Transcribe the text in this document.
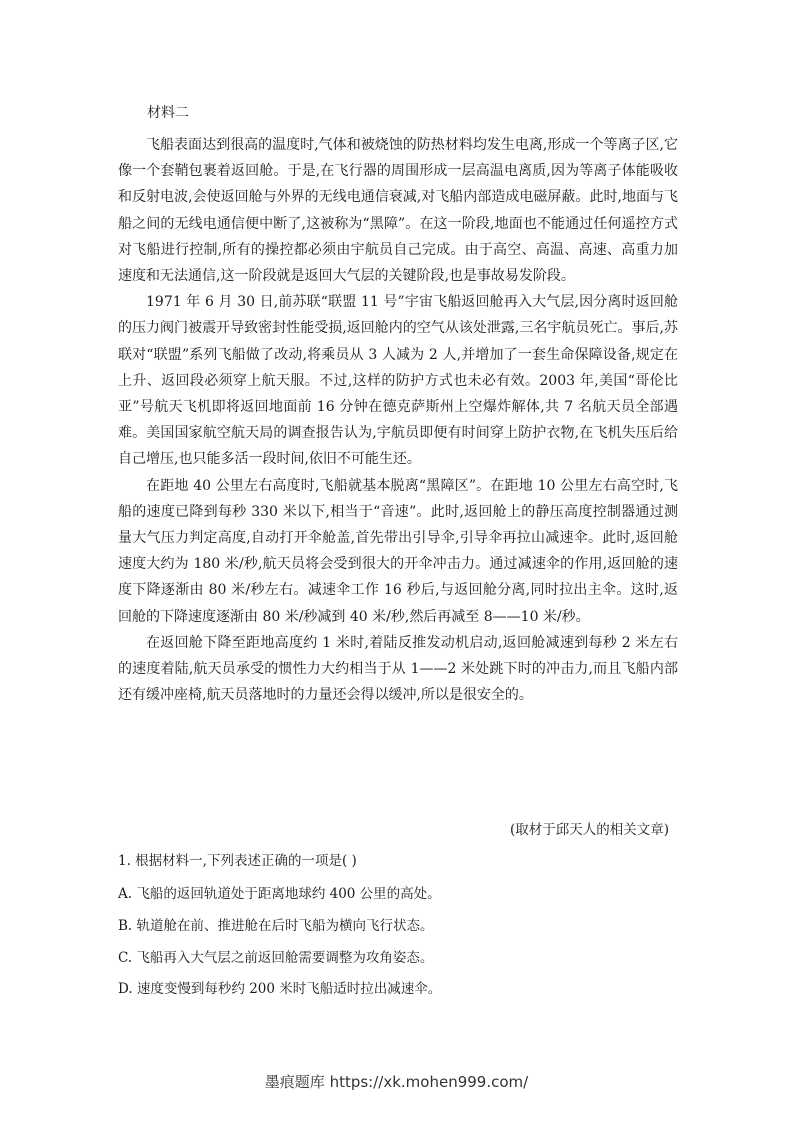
材料二

飞船表面达到很高的温度时,气体和被烧蚀的防热材料均发生电离,形成一个等离子区,它像一个套鞘包裹着返回舱。于是,在飞行器的周围形成一层高温电离质,因为等离子体能吸收和反射电波,会使返回舱与外界的无线电通信衰减,对飞船内部造成电磁屏蔽。此时,地面与飞船之间的无线电通信便中断了,这被称为“黑障”。在这一阶段,地面也不能通过任何遥控方式对飞船进行控制,所有的操控都必须由宇航员自己完成。由于高空、高温、高速、高重力加速度和无法通信,这一阶段就是返回大气层的关键阶段,也是事故易发阶段。

1971 年 6 月 30 日,前苏联“联盟 11 号”宇宙飞船返回舱再入大气层,因分离时返回舱的压力阀门被震开导致密封性能受损,返回舱内的空气从该处泄露,三名宇航员死亡。事后,苏联对“联盟”系列飞船做了改动,将乘员从 3 人减为 2 人,并增加了一套生命保障设备,规定在上升、返回段必须穿上航天服。不过,这样的防护方式也未必有效。2003 年,美国“哥伦比亚”号航天飞机即将返回地面前 16 分钟在德克萨斯州上空爆炸解体,共 7 名航天员全部遇难。美国国家航空航天局的调查报告认为,宇航员即便有时间穿上防护衣物,在飞机失压后给自己增压,也只能多活一段时间,依旧不可能生还。

在距地 40 公里左右高度时,飞船就基本脱离“黑障区”。在距地 10 公里左右高空时,飞船的速度已降到每秒 330 米以下,相当于“音速”。此时,返回舱上的静压高度控制器通过测量大气压力判定高度,自动打开伞舱盖,首先带出引导伞,引导伞再拉山减速伞。此时,返回舱速度大约为 180 米/秒,航天员将会受到很大的开伞冲击力。通过减速伞的作用,返回舱的速度下降逐渐由 80 米/秒左右。减速伞工作 16 秒后,与返回舱分离,同时拉出主伞。这时,返回舱的下降速度逐渐由 80 米/秒减到 40 米/秒,然后再减至 8——10 米/秒。

在返回舱下降至距地高度约 1 米时,着陆反推发动机启动,返回舱减速到每秒 2 米左右的速度着陆,航天员承受的惯性力大约相当于从 1——2 米处跳下时的冲击力,而且飞船内部还有缓冲座椅,航天员落地时的力量还会得以缓冲,所以是很安全的。

(取材于邱天人的相关文章)
1. 根据材料一,下列表述正确的一项是( )
A. 飞船的返回轨道处于距离地球约 400 公里的高处。
B. 轨道舱在前、推进舱在后时飞船为横向飞行状态。
C. 飞船再入大气层之前返回舱需要调整为攻角姿态。
D. 速度变慢到每秒约 200 米时飞船适时拉出减速伞。
墨痕题库 https://xk.mohen999.com/
